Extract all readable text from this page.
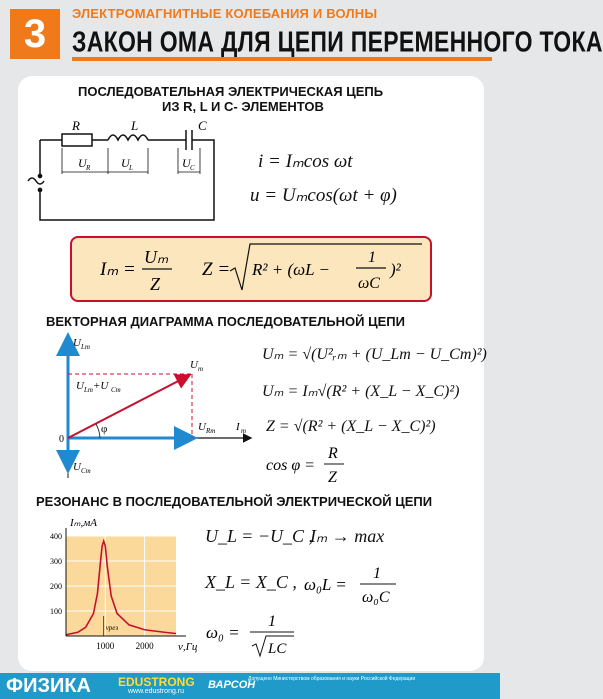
3	ЭЛЕКТРОМАГНИТНЫЕ КОЛЕБАНИЯ И ВОЛНЫ
ЗАКОН ОМА ДЛЯ ЦЕПИ ПЕРЕМЕННОГО ТОКА
ПОСЛЕДОВАТЕЛЬНАЯ ЭЛЕКТРИЧЕСКАЯ ЦЕПЬ
ИЗ R, L И C- ЭЛЕМЕНТОВ
R	L	C
U R	U L	U C	i = Iₘcos ωt
u = Uₘcos(ωt + φ)
Iₘ =
Uₘ
Z
Z = R² + (ωL −
1
ωC
)²
ВЕКТОРНАЯ ДИАГРАММА ПОСЛЕДОВАТЕЛЬНОЙ ЦЕПИ
φ
0
U Lm
U Lm +U Cm
U m
U Rm I m
U Cm
Uₘ = √(U²ᵣₘ + (U_Lm − U_Cm)²)
Uₘ = Iₘ√(R² + (X_L − X_C)²)
Z = √(R² + (X_L − X_C)²)
cos φ =
R
Z
РЕЗОНАНС В ПОСЛЕДОВАТЕЛЬНОЙ ЭЛЕКТРИЧЕСКОЙ ЦЕПИ
400
300
200
100
1000 2000
Iₘ,мА
ν,Гц
νрез
U_L = −U_C ,
Iₘ → max
X_L = X_C , ω₀L =
1
ω₀C
ω₀ =
1
LC
ФИЗИКА EDUSTRONG
www.edustrong.ru
ВАРСОН
Допущено Министерством образования и науки Российской Федерации
